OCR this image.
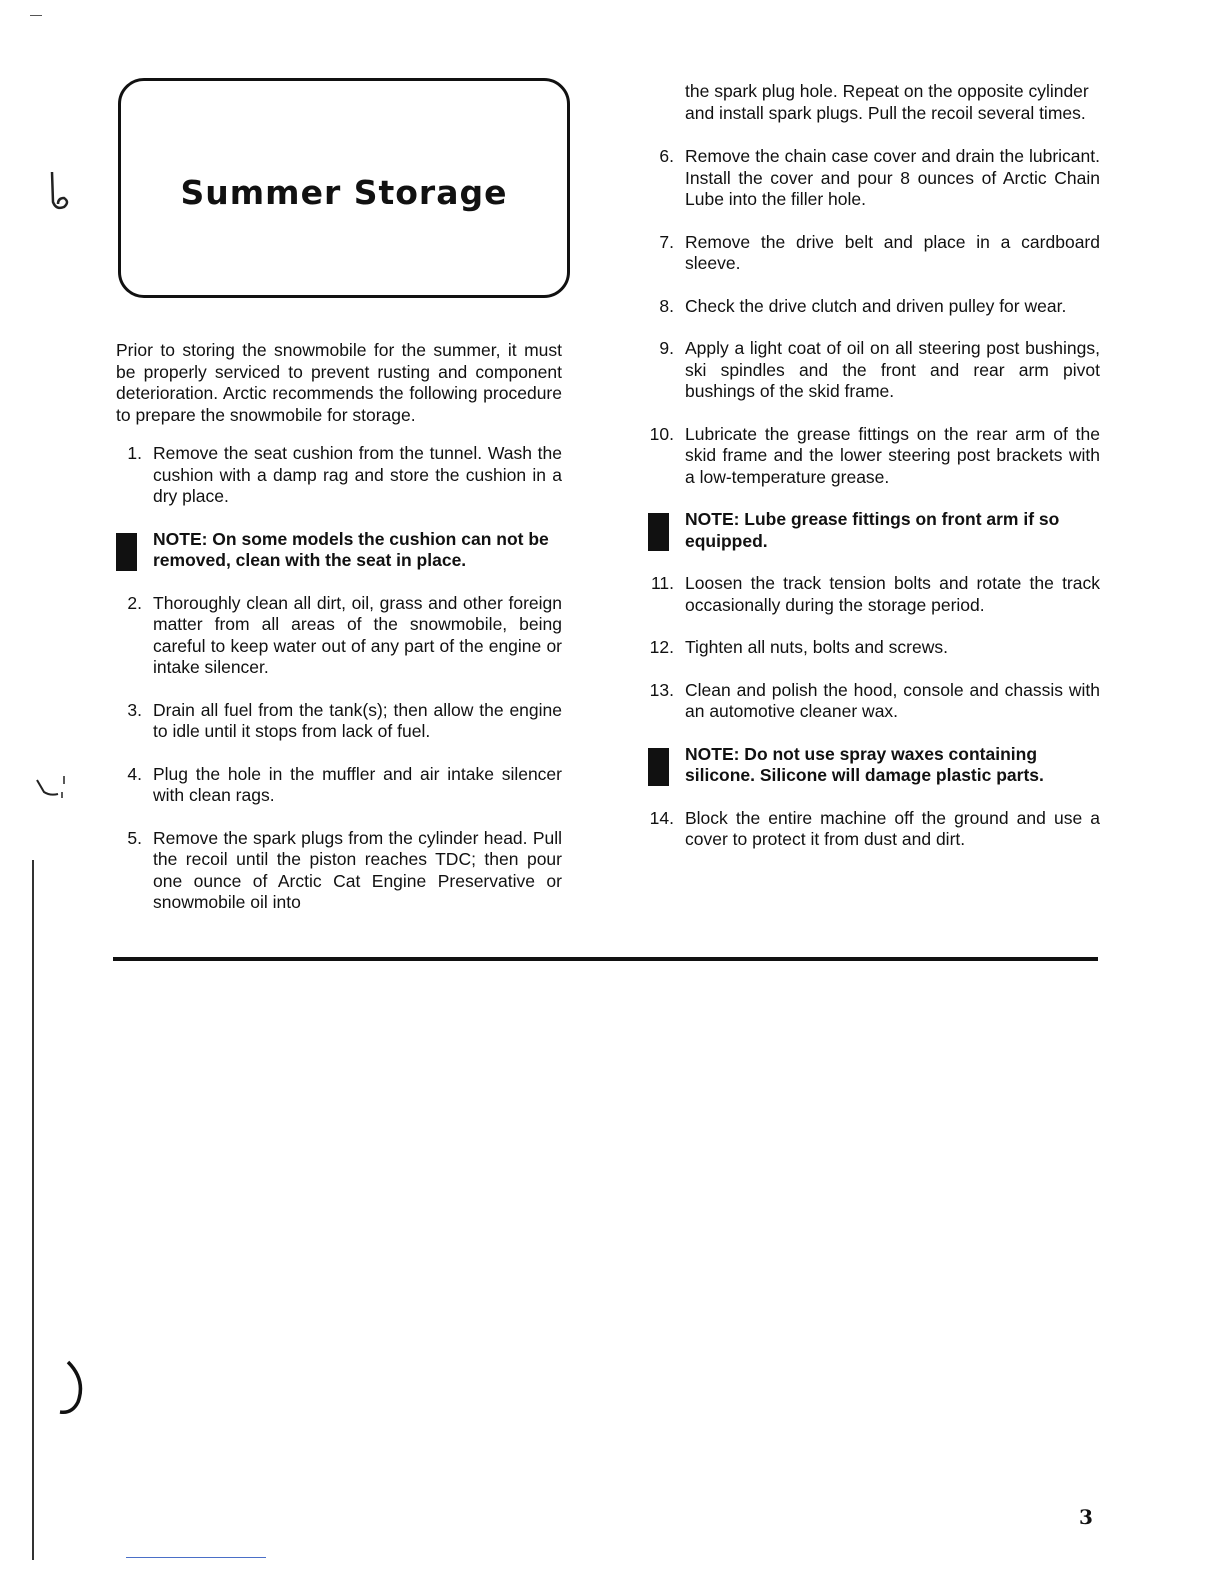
Summer Storage

Prior to storing the snowmobile for the summer, it must be properly serviced to prevent rusting and component deterioration. Arctic recommends the following procedure to prepare the snowmobile for storage.

1. Remove the seat cushion from the tunnel. Wash the cushion with a damp rag and store the cushion in a dry place.
NOTE: On some models the cushion can not be removed, clean with the seat in place.
2. Thoroughly clean all dirt, oil, grass and other foreign matter from all areas of the snowmobile, being careful to keep water out of any part of the engine or intake silencer.
3. Drain all fuel from the tank(s); then allow the engine to idle until it stops from lack of fuel.
4. Plug the hole in the muffler and air intake silencer with clean rags.
5. Remove the spark plugs from the cylinder head. Pull the recoil until the piston reaches TDC; then pour one ounce of Arctic Cat Engine Preservative or snowmobile oil into

the spark plug hole. Repeat on the opposite cylinder and install spark plugs. Pull the recoil several times.

6. Remove the chain case cover and drain the lubricant. Install the cover and pour 8 ounces of Arctic Chain Lube into the filler hole.
7. Remove the drive belt and place in a cardboard sleeve.
8. Check the drive clutch and driven pulley for wear.
9. Apply a light coat of oil on all steering post bushings, ski spindles and the front and rear arm pivot bushings of the skid frame.
10. Lubricate the grease fittings on the rear arm of the skid frame and the lower steering post brackets with a low-temperature grease.
NOTE: Lube grease fittings on front arm if so equipped.
11. Loosen the track tension bolts and rotate the track occasionally during the storage period.
12. Tighten all nuts, bolts and screws.
13. Clean and polish the hood, console and chassis with an automotive cleaner wax.
NOTE: Do not use spray waxes containing silicone. Silicone will damage plastic parts.
14. Block the entire machine off the ground and use a cover to protect it from dust and dirt.
3
